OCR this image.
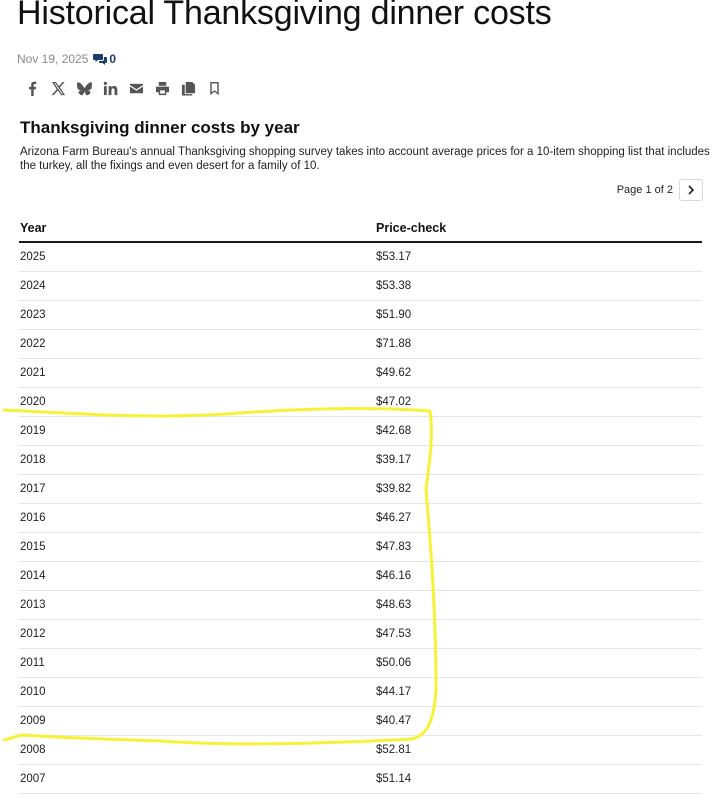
Historical Thanksgiving dinner costs
Nov 19, 2025 0
Thanksgiving dinner costs by year

Arizona Farm Bureau's annual Thanksgiving shopping survey takes into account average prices for a 10-item shopping list that includes the turkey, all the fixings and even desert for a family of 10.

Page 1 of 2
Year	Price-check
2025	$53.17
2024	$53.38
2023	$51.90
2022	$71.88
2021	$49.62
2020	$47.02
2019	$42.68
2018	$39.17
2017	$39.82
2016	$46.27
2015	$47.83
2014	$46.16
2013	$48.63
2012	$47.53
2011	$50.06
2010	$44.17
2009	$40.47
2008	$52.81
2007	$51.14
